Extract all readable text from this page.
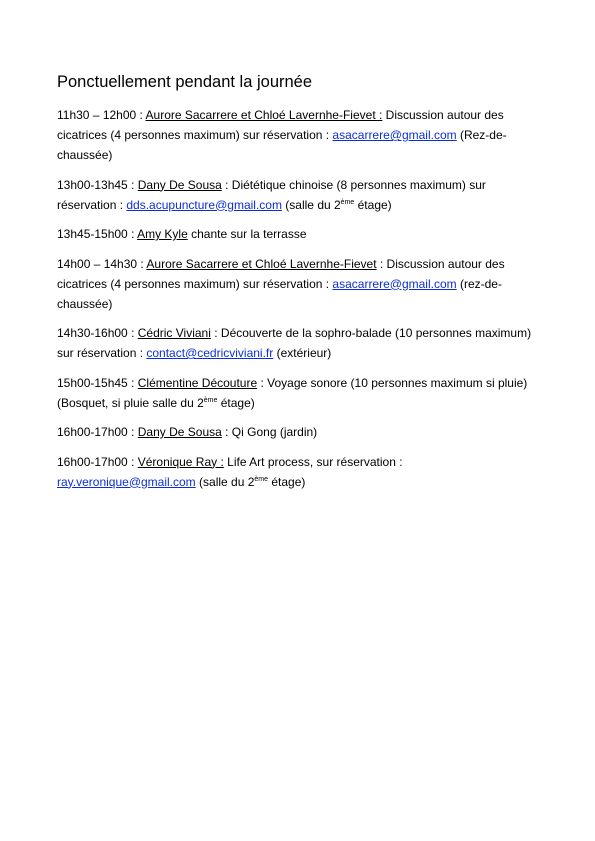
Ponctuellement pendant la journée

11h30 – 12h00 : Aurore Sacarrere et Chloé Lavernhe-Fievet : Discussion autour des cicatrices (4 personnes maximum) sur réservation : asacarrere@gmail.com (Rez-de-chaussée)

13h00-13h45 : Dany De Sousa : Diététique chinoise (8 personnes maximum) sur réservation : dds.acupuncture@gmail.com (salle du 2ème étage)

13h45-15h00 : Amy Kyle chante sur la terrasse

14h00 – 14h30 : Aurore Sacarrere et Chloé Lavernhe-Fievet : Discussion autour des cicatrices (4 personnes maximum) sur réservation : asacarrere@gmail.com (rez-de-chaussée)

14h30-16h00 : Cédric Viviani : Découverte de la sophro-balade (10 personnes maximum) sur réservation : contact@cedricviviani.fr (extérieur)

15h00-15h45 : Clémentine Découture : Voyage sonore (10 personnes maximum si pluie) (Bosquet, si pluie salle du 2ème étage)

16h00-17h00 : Dany De Sousa : Qi Gong (jardin)

16h00-17h00 : Véronique Ray : Life Art process, sur réservation : ray.veronique@gmail.com (salle du 2ème étage)
